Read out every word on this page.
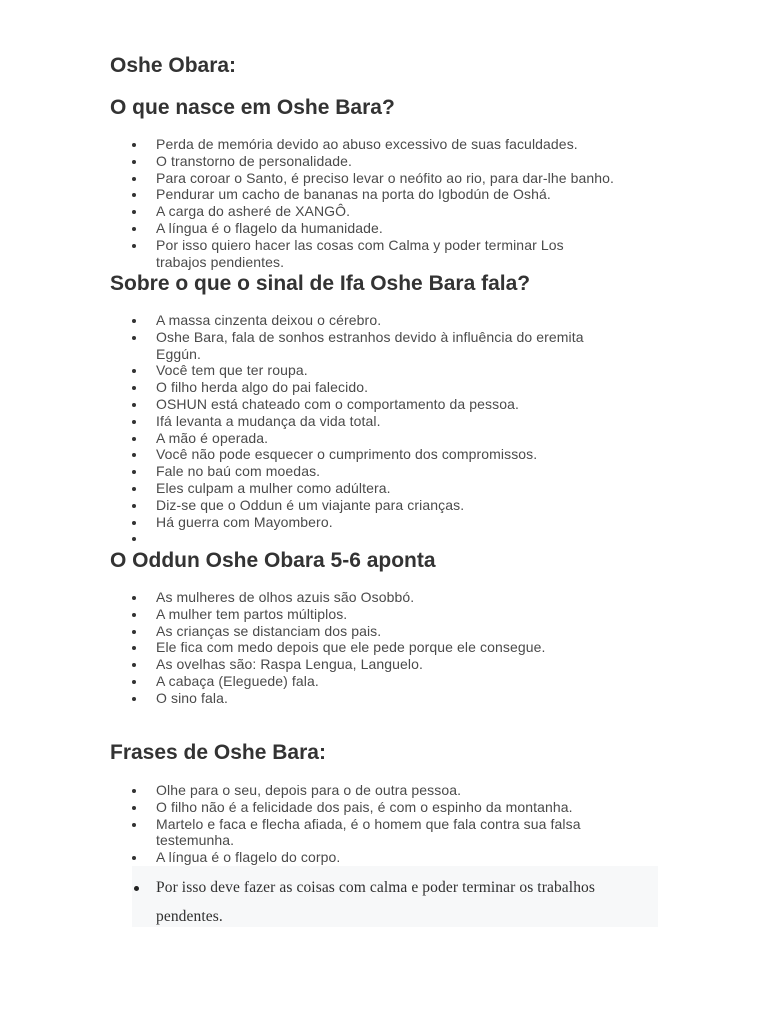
Oshe Obara:
O que nasce em Oshe Bara?
Perda de memória devido ao abuso excessivo de suas faculdades.
O transtorno de personalidade.
Para coroar o Santo, é preciso levar o neófito ao rio, para dar-lhe banho.
Pendurar um cacho de bananas na porta do Igbodún de Oshá.
A carga do asheré de XANGÔ.
A língua é o flagelo da humanidade.
Por isso quiero hacer las cosas com Calma y poder terminar Los trabajos pendientes.
Sobre o que o sinal de Ifa Oshe Bara fala?
A massa cinzenta deixou o cérebro.
Oshe Bara, fala de sonhos estranhos devido à influência do eremita Eggún.
Você tem que ter roupa.
O filho herda algo do pai falecido.
OSHUN está chateado com o comportamento da pessoa.
Ifá levanta a mudança da vida total.
A mão é operada.
Você não pode esquecer o cumprimento dos compromissos.
Fale no baú com moedas.
Eles culpam a mulher como adúltera.
Diz-se que o Oddun é um viajante para crianças.
Há guerra com Mayombero.
O Oddun Oshe Obara 5-6 aponta
As mulheres de olhos azuis são Osobbó.
A mulher tem partos múltiplos.
As crianças se distanciam dos pais.
Ele fica com medo depois que ele pede porque ele consegue.
As ovelhas são: Raspa Lengua, Languelo.
A cabaça (Eleguede) fala.
O sino fala.
Frases de Oshe Bara:
Olhe para o seu, depois para o de outra pessoa.
O filho não é a felicidade dos pais, é com o espinho da montanha.
Martelo e faca e flecha afiada, é o homem que fala contra sua falsa testemunha.
A língua é o flagelo do corpo.
Por isso deve fazer as coisas com calma e poder terminar os trabalhos pendentes.
